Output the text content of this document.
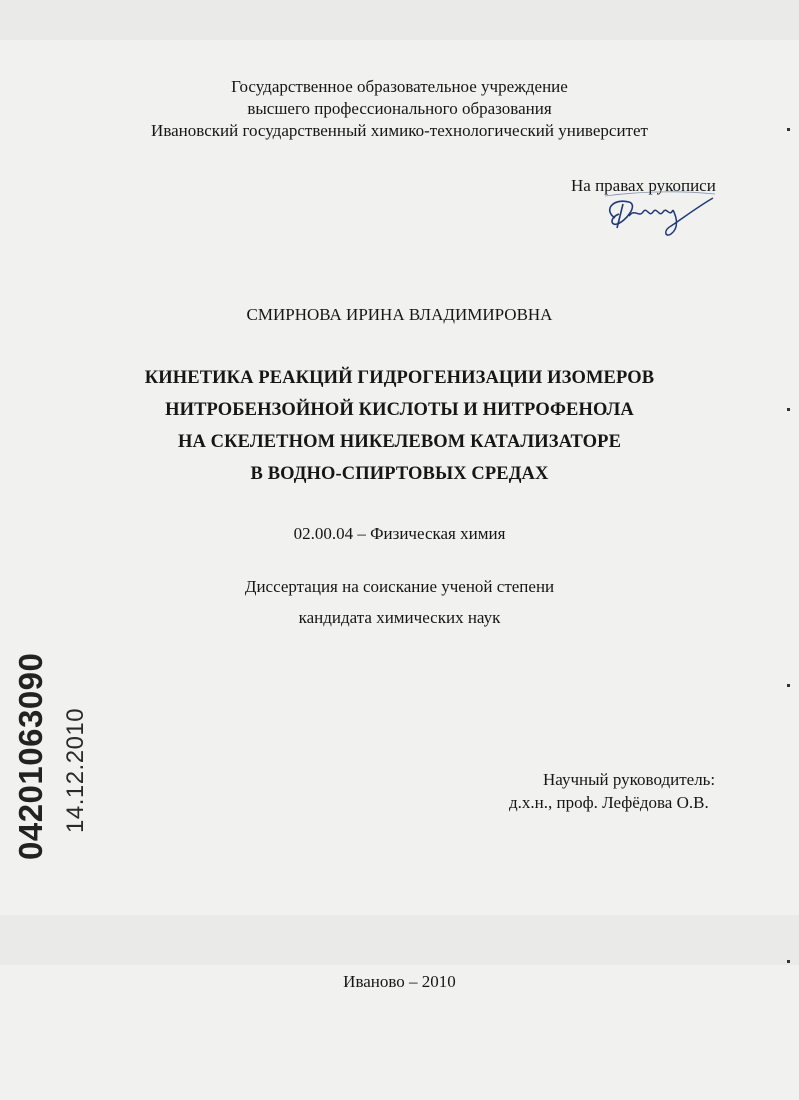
Государственное образовательное учреждение
высшего профессионального образования
Ивановский государственный химико-технологический университет
На правах рукописи
СМИРНОВА ИРИНА ВЛАДИМИРОВНА
КИНЕТИКА РЕАКЦИЙ ГИДРОГЕНИЗАЦИИ ИЗОМЕРОВ
НИТРОБЕНЗОЙНОЙ КИСЛОТЫ И НИТРОФЕНОЛА
НА СКЕЛЕТНОМ НИКЕЛЕВОМ КАТАЛИЗАТОРЕ
В ВОДНО-СПИРТОВЫХ СРЕДАХ
02.00.04 – Физическая химия
Диссертация на соискание ученой степени
кандидата химических наук
Научный руководитель:
д.х.н., проф. Лефёдова О.В.
Иваново – 2010
04201063090 14.12.2010
